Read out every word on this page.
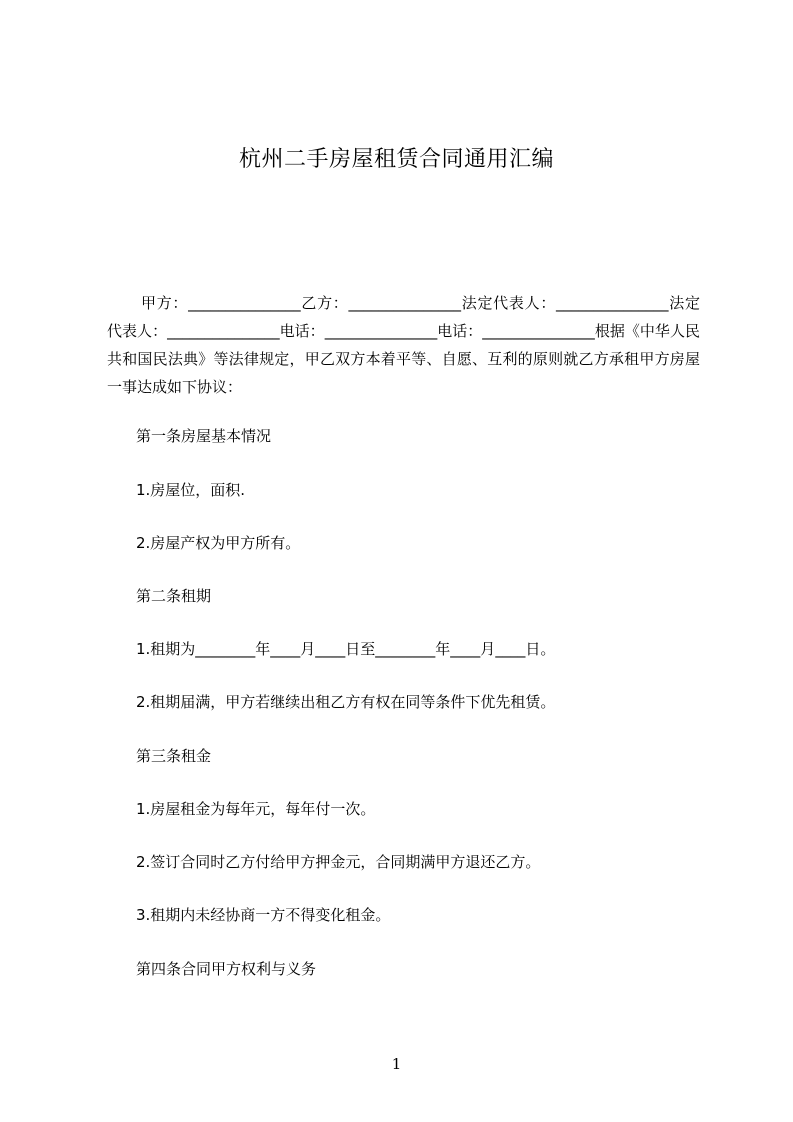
杭州二手房屋租赁合同通用汇编
甲方：_______________乙方：_______________法定代表人：_______________法定代表人：_______________电话：_______________电话：_______________根据《中华人民共和国民法典》等法律规定，甲乙双方本着平等、自愿、互利的原则就乙方承租甲方房屋一事达成如下协议：
第一条房屋基本情况
1.房屋位，面积.
2.房屋产权为甲方所有。
第二条租期
1.租期为________年____月____日至________年____月____日。
2.租期届满，甲方若继续出租乙方有权在同等条件下优先租赁。
第三条租金
1.房屋租金为每年元，每年付一次。
2.签订合同时乙方付给甲方押金元，合同期满甲方退还乙方。
3.租期内未经协商一方不得变化租金。
第四条合同甲方权利与义务
1
